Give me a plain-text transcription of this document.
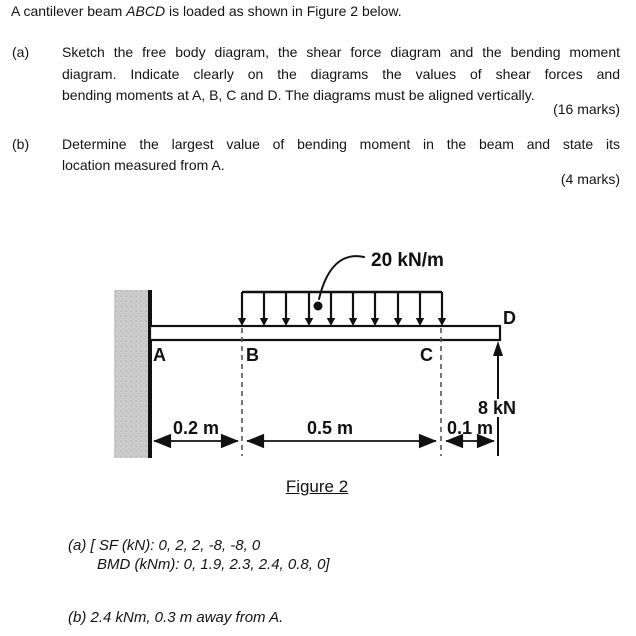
A cantilever beam ABCD is loaded as shown in Figure 2 below.
(a) Sketch the free body diagram, the shear force diagram and the bending moment
diagram. Indicate clearly on the diagrams the values of shear forces and
bending moments at A, B, C and D. The diagrams must be aligned vertically.
(16 marks)
(b) Determine the largest value of bending moment in the beam and state its
location measured from A.
(4 marks)
20 kN/m
A	B	C
D
8 kN
0.2 m	0.5 m	0.1 m
Figure 2
(a) [ SF (kN): 0, 2, 2, -8, -8, 0
BMD (kNm): 0, 1.9, 2.3, 2.4, 0.8, 0]
(b) 2.4 kNm, 0.3 m away from A.
